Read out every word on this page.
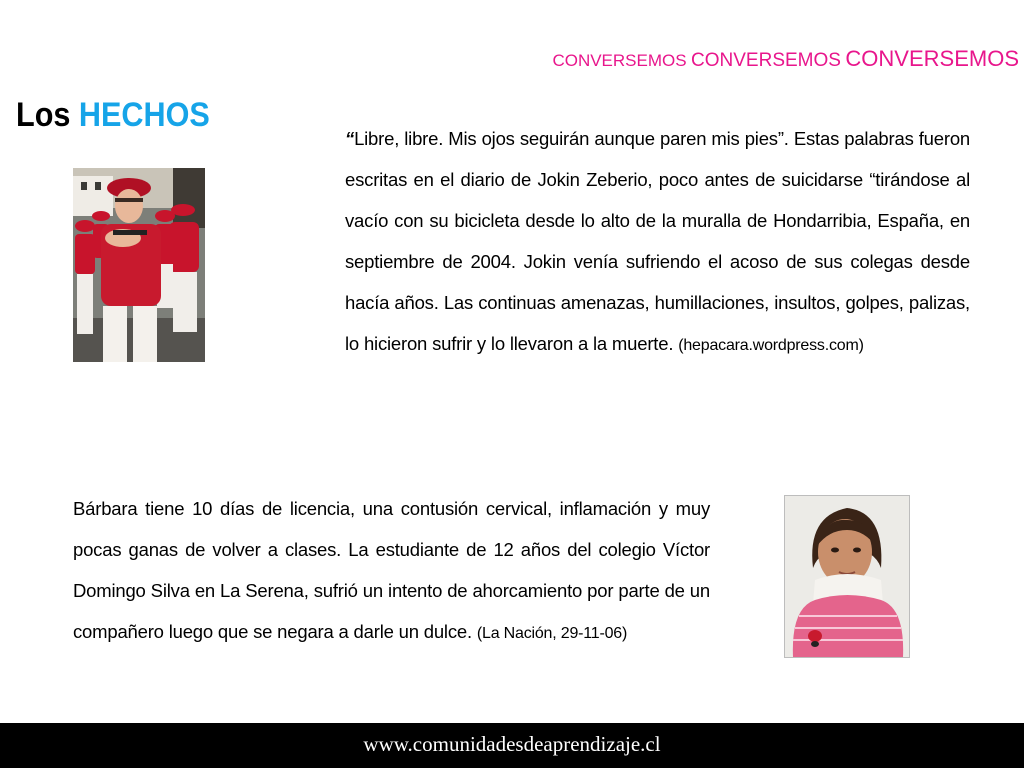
CONVERSEMOS CONVERSEMOS CONVERSEMOS
Los HECHOS
“Libre, libre. Mis ojos seguirán aunque paren mis pies”. Estas palabras fueron escritas en el diario de Jokin Zeberio, poco antes de suicidarse “tirándose al vacío con su bicicleta desde lo alto de la muralla de Hondarribia, España, en septiembre de 2004. Jokin venía sufriendo el acoso de sus colegas desde hacía años. Las continuas amenazas, humillaciones, insultos, golpes, palizas, lo hicieron sufrir y lo llevaron a la muerte. (hepacara.wordpress.com)
Bárbara tiene 10 días de licencia, una contusión cervical, inflamación y muy pocas ganas de volver a clases. La estudiante de 12 años del colegio Víctor Domingo Silva en La Serena, sufrió un intento de ahorcamiento por parte de un compañero luego que se negara a darle un dulce. (La Nación, 29-11-06)
www.comunidadesdeaprendizaje.cl
